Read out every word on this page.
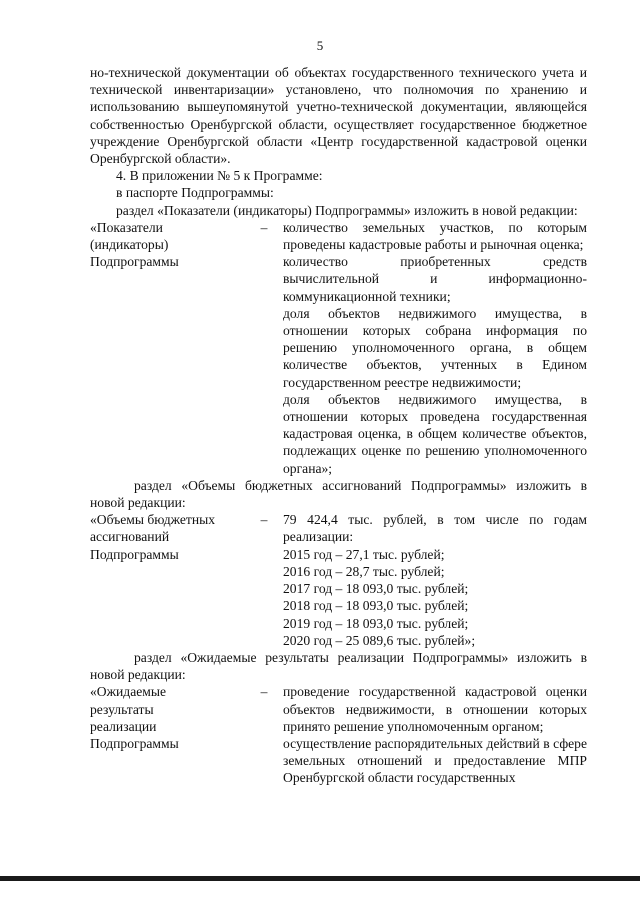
5

но-технической документации об объектах государственного технического учета и технической инвентаризации» установлено, что полномочия по хранению и использованию вышеупомянутой учетно-технической документации, являющейся собственностью Оренбургской области, осуществляет государственное бюджетное учреждение Оренбургской области «Центр государственной кадастровой оценки Оренбургской области».

4. В приложении № 5 к Программе:

в паспорте Подпрограммы:

раздел «Показатели (индикаторы) Подпрограммы» изложить в новой редакции:

«Показатели
(индикаторы)
Подпрограммы
–	количество земельных участков, по которым проведены кадастровые работы и рыночная оценка;

количество приобретенных средств вычислительной и информационно-коммуникационной техники;

доля объектов недвижимого имущества, в отношении которых собрана информация по решению уполномоченного органа, в общем количестве объектов, учтенных в Едином государственном реестре недвижимости;

доля объектов недвижимого имущества, в отношении которых проведена государственная кадастровая оценка, в общем количестве объектов, подлежащих оценке по решению уполномоченного органа»;

раздел «Объемы бюджетных ассигнований Подпрограммы» изложить в новой редакции:

«Объемы бюджетных
ассигнований
Подпрограммы
–	79 424,4 тыс. рублей, в том числе по годам реализации:

2015 год – 27,1 тыс. рублей;

2016 год – 28,7 тыс. рублей;

2017 год – 18 093,0 тыс. рублей;

2018 год – 18 093,0 тыс. рублей;

2019 год – 18 093,0 тыс. рублей;

2020 год – 25 089,6 тыс. рублей»;

раздел «Ожидаемые результаты реализации Подпрограммы» изложить в новой редакции:

«Ожидаемые
результаты
реализации
Подпрограммы
–	проведение государственной кадастровой оценки объектов недвижимости, в отношении которых принято решение уполномоченным органом;

осуществление распорядительных действий в сфере земельных отношений и предоставление МПР Оренбургской области государственных
